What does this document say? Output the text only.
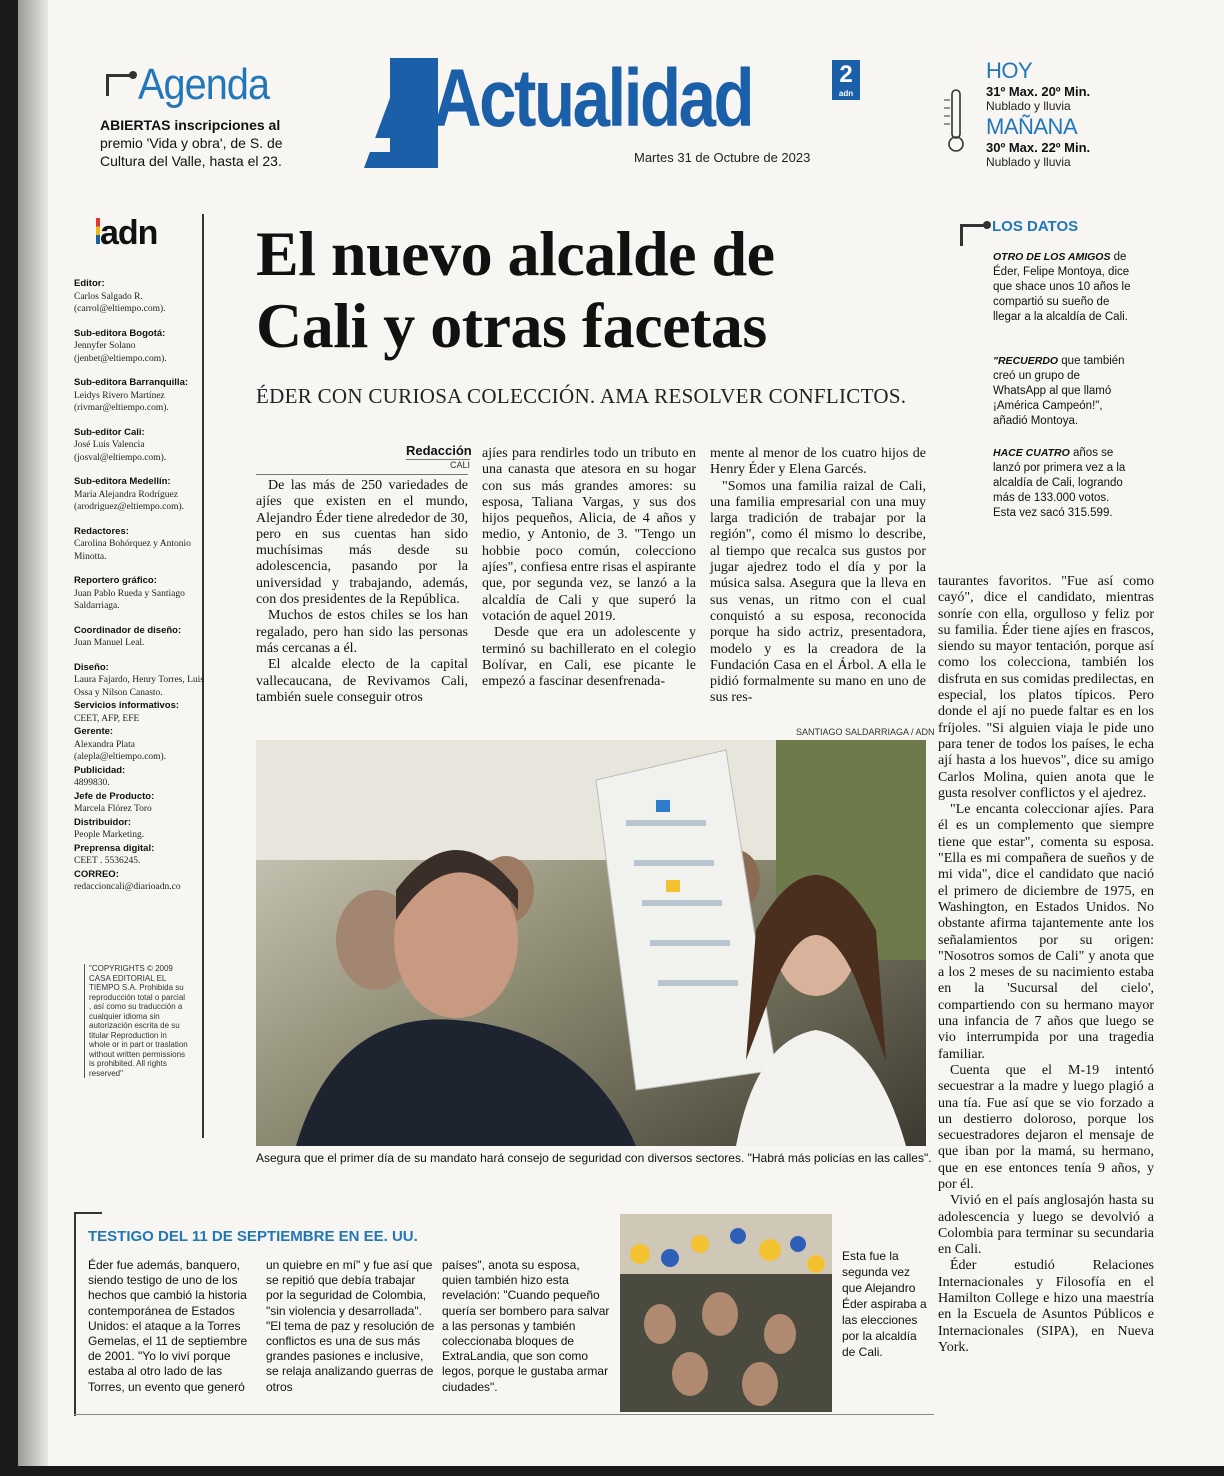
Agenda
ABIERTAS inscripciones al premio 'Vida y obra', de S. de Cultura del Valle, hasta el 23.
Actualidad	2
adn
Martes 31 de Octubre de 2023
HOY
31º Max. 20º Min.
Nublado y lluvia
MAÑANA
30º Max. 22º Min.
Nublado y lluvia
adn
Editor:
Carlos Salgado R. (carrol@eltiempo.com).
Sub-editora Bogotá:
Jennyfer Solano (jenbet@eltiempo.com).
Sub-editora Barranquilla:
Leidys Rivero Martínez (rivmar@eltiempo.com).
Sub-editor Cali:
José Luis Valencia (josval@eltiempo.com).
Sub-editora Medellín:
María Alejandra Rodríguez (arodriguez@eltiempo.com).
Redactores:
Carolina Bohórquez y Antonio Minotta.
Reportero gráfico:
Juan Pablo Rueda y Santiago Saldarriaga.
Coordinador de diseño:
Juan Manuel Leal.
Diseño:
Laura Fajardo, Henry Torres, Luis Ossa y Nilson Canasto.
Servicios informativos:
CEET, AFP, EFE
Gerente:
Alexandra Plata (alepla@eltiempo.com).
Publicidad:
4899830.
Jefe de Producto:
Marcela Flórez Toro
Distribuidor:
People Marketing.
Preprensa digital:
CEET . 5536245.
CORREO:
redaccioncali@diarioadn.co
"COPYRIGHTS © 2009 CASA EDITORIAL EL TIEMPO S.A. Prohibida su reproducción total o parcial , así como su traducción a cualquier idioma sin autorización escrita de su titular Reproduction in whole or in part or traslation without written permissions is prohibited. All rights reserved"
El nuevo alcalde de
Cali y otras facetas
ÉDER CON CURIOSA COLECCIÓN. AMA RESOLVER CONFLICTOS.
LOS DATOS
OTRO DE LOS AMIGOS de Éder, Felipe Montoya, dice que shace unos 10 años le compartió su sueño de llegar a la alcaldía de Cali.
"RECUERDO que también creó un grupo de WhatsApp al que llamó ¡América Campeón!", añadió Montoya.
HACE CUATRO años se lanzó por primera vez a la alcaldía de Cali, logrando más de 133.000 votos. Esta vez sacó 315.599.
Redacción
CALI

De las más de 250 variedades de ajíes que existen en el mundo, Alejandro Éder tiene alrededor de 30, pero en sus cuentas han sido muchísimas más desde su adolescencia, pasando por la universidad y trabajando, además, con dos presidentes de la República.

Muchos de estos chiles se los han regalado, pero han sido las personas más cercanas a él.

El alcalde electo de la capital vallecaucana, de Revivamos Cali, también suele conseguir otros

ajíes para rendirles todo un tributo en una canasta que atesora en su hogar con sus más grandes amores: su esposa, Taliana Vargas, y sus dos hijos pequeños, Alicia, de 4 años y medio, y Antonio, de 3. "Tengo un hobbie poco común, colecciono ajíes", confiesa entre risas el aspirante que, por segunda vez, se lanzó a la alcaldía de Cali y que superó la votación de aquel 2019.

Desde que era un adolescente y terminó su bachillerato en el colegio Bolívar, en Cali, ese picante le empezó a fascinar desenfrenada-

mente al menor de los cuatro hijos de Henry Éder y Elena Garcés.

"Somos una familia raizal de Cali, una familia empresarial con una muy larga tradición de trabajar por la región", como él mismo lo describe, al tiempo que recalca sus gustos por jugar ajedrez todo el día y por la música salsa. Asegura que la lleva en sus venas, un ritmo con el cual conquistó a su esposa, reconocida porque ha sido actriz, presentadora, modelo y es la creadora de la Fundación Casa en el Árbol. A ella le pidió formalmente su mano en uno de sus res-

taurantes favoritos. "Fue así como cayó", dice el candidato, mientras sonríe con ella, orgulloso y feliz por su familia. Éder tiene ajíes en frascos, siendo su mayor tentación, porque así como los colecciona, también los disfruta en sus comidas predilectas, en especial, los platos típicos. Pero donde el ají no puede faltar es en los fríjoles. "Si alguien viaja le pide uno para tener de todos los países, le echa ají hasta a los huevos", dice su amigo Carlos Molina, quien anota que le gusta resolver conflictos y el ajedrez.

"Le encanta coleccionar ajíes. Para él es un complemento que siempre tiene que estar", comenta su esposa. "Ella es mi compañera de sueños y de mi vida", dice el candidato que nació el primero de diciembre de 1975, en Washington, en Estados Unidos. No obstante afirma tajantemente ante los señalamientos por su origen: "Nosotros somos de Cali" y anota que a los 2 meses de su nacimiento estaba en la 'Sucursal del cielo', compartiendo con su hermano mayor una infancia de 7 años que luego se vio interrumpida por una tragedia familiar.

Cuenta que el M-19 intentó secuestrar a la madre y luego plagió a una tía. Fue así que se vio forzado a un destierro doloroso, porque los secuestradores dejaron el mensaje de que iban por la mamá, su hermano, que en ese entonces tenía 9 años, y por él.

Vivió en el país anglosajón hasta su adolescencia y luego se devolvió a Colombia para terminar su secundaria en Cali.

Éder estudió Relaciones Internacionales y Filosofía en el Hamilton College e hizo una maestría en la Escuela de Asuntos Públicos e Internacionales (SIPA), en Nueva York.

SANTIAGO SALDARRIAGA / ADN
Asegura que el primer día de su mandato hará consejo de seguridad con diversos sectores. "Habrá más policías en las calles".
TESTIGO DEL 11 DE SEPTIEMBRE EN EE. UU.
Éder fue además, banquero, siendo testigo de uno de los hechos que cambió la historia contemporánea de Estados Unidos: el ataque a la Torres Gemelas, el 11 de septiembre de 2001. "Yo lo viví porque estaba al otro lado de las Torres, un evento que generó
un quiebre en mí" y fue así que se repitió que debía trabajar por la seguridad de Colombia, "sin violencia y desarrollada". "El tema de paz y resolución de conflictos es una de sus más grandes pasiones e inclusive, se relaja analizando guerras de otros
países", anota su esposa, quien también hizo esta revelación: "Cuando pequeño quería ser bombero para salvar a las personas y también coleccionaba bloques de ExtraLandia, que son como legos, porque le gustaba armar ciudades".
Esta fue la segunda vez que Alejandro Éder aspiraba a las elecciones por la alcaldía de Cali.
